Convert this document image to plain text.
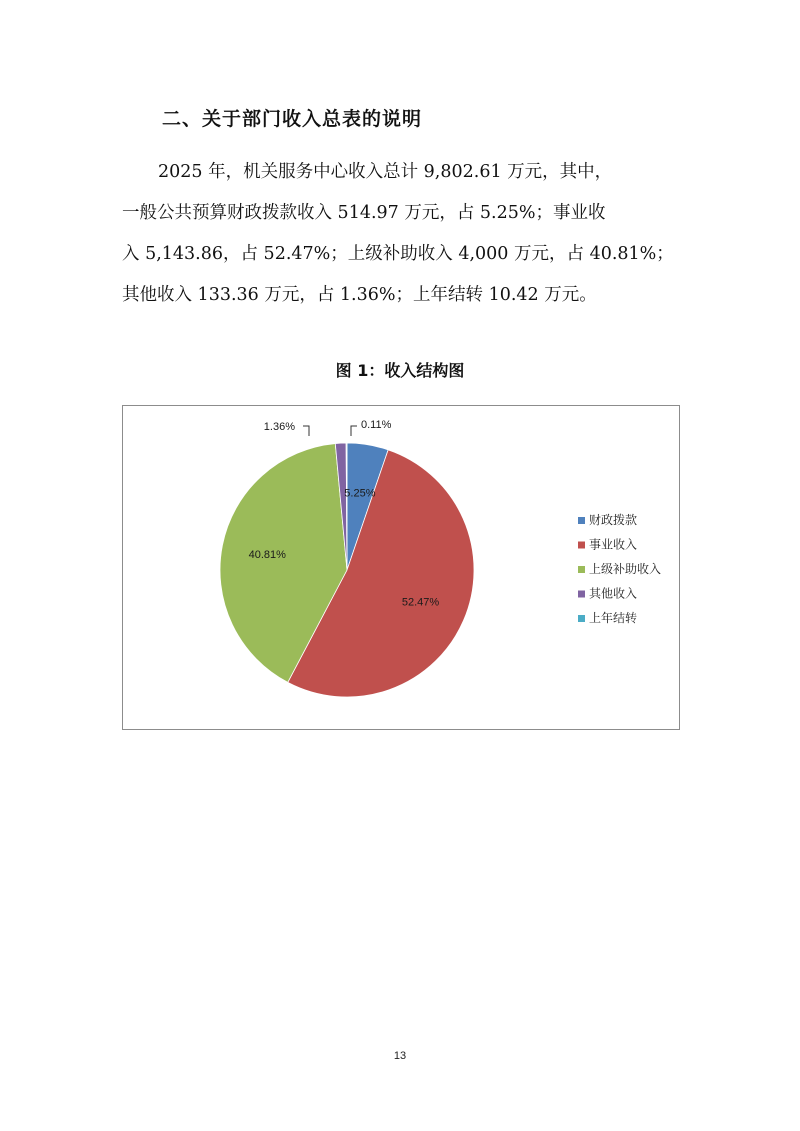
二、关于部门收入总表的说明

2025 年，机关服务中心收入总计 9,802.61 万元，其中，

一般公共预算财政拨款收入 514.97 万元，占 5.25%；事业收

入 5,143.86，占 52.47%；上级补助收入 4,000 万元，占 40.81%；

其他收入 133.36 万元，占 1.36%；上年结转 10.42 万元。

图 1：收入结构图
5.25%
52.47%
40.81%
1.36%	0.11%
财政拨款
事业收入
上级补助收入
其他收入
上年结转
13
